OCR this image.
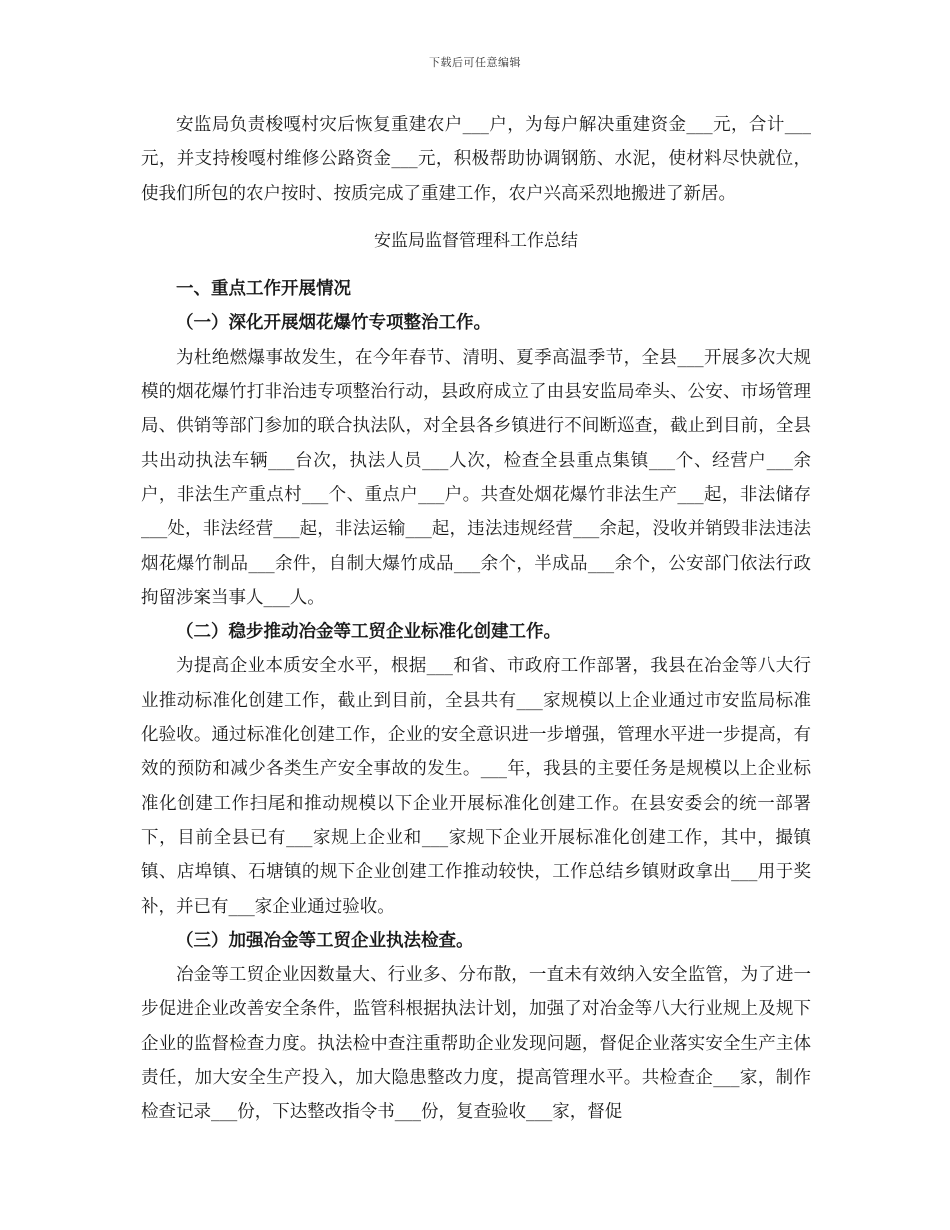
下载后可任意编辑

安监局负责梭嘎村灾后恢复重建农户___户，为每户解决重建资金___元，合计___元，并支持梭嘎村维修公路资金___元，积极帮助协调钢筋、水泥，使材料尽快就位，使我们所包的农户按时、按质完成了重建工作，农户兴高采烈地搬进了新居。

安监局监督管理科工作总结

一、重点工作开展情况
（一）深化开展烟花爆竹专项整治工作。

为杜绝燃爆事故发生，在今年春节、清明、夏季高温季节，全县___开展多次大规模的烟花爆竹打非治违专项整治行动，县政府成立了由县安监局牵头、公安、市场管理局、供销等部门参加的联合执法队，对全县各乡镇进行不间断巡查，截止到目前，全县共出动执法车辆___台次，执法人员___人次，检查全县重点集镇___个、经营户___余户，非法生产重点村___个、重点户___户。共查处烟花爆竹非法生产___起，非法储存___处，非法经营___起，非法运输___起，违法违规经营___余起，没收并销毁非法违法烟花爆竹制品___余件，自制大爆竹成品___余个，半成品___余个，公安部门依法行政拘留涉案当事人___人。

（二）稳步推动冶金等工贸企业标准化创建工作。

为提高企业本质安全水平，根据___和省、市政府工作部署，我县在冶金等八大行业推动标准化创建工作，截止到目前，全县共有___家规模以上企业通过市安监局标准化验收。通过标准化创建工作，企业的安全意识进一步增强，管理水平进一步提高，有效的预防和减少各类生产安全事故的发生。___年，我县的主要任务是规模以上企业标准化创建工作扫尾和推动规模以下企业开展标准化创建工作。在县安委会的统一部署下，目前全县已有___家规上企业和___家规下企业开展标准化创建工作，其中，撮镇镇、店埠镇、石塘镇的规下企业创建工作推动较快，工作总结乡镇财政拿出___用于奖补，并已有___家企业通过验收。

（三）加强冶金等工贸企业执法检查。

冶金等工贸企业因数量大、行业多、分布散，一直未有效纳入安全监管，为了进一步促进企业改善安全条件，监管科根据执法计划，加强了对冶金等八大行业规上及规下企业的监督检查力度。执法检中查注重帮助企业发现问题，督促企业落实安全生产主体责任，加大安全生产投入，加大隐患整改力度，提高管理水平。共检查企___家，制作检查记录___份，下达整改指令书___份，复查验收___家，督促
